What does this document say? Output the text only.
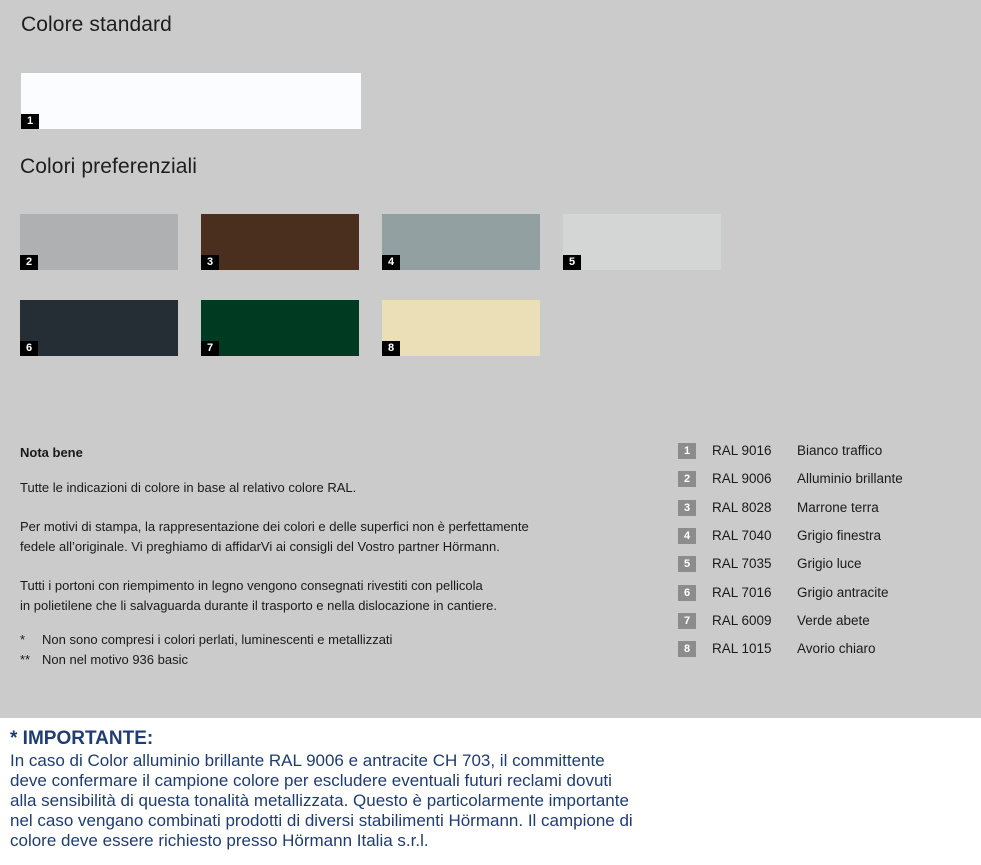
Colore standard
1
Colori preferenziali
2	3	4	5
6	7	8
Nota bene
Tutte le indicazioni di colore in base al relativo colore RAL.
Per motivi di stampa, la rappresentazione dei colori e delle superfici non è perfettamente
fedele all’originale. Vi preghiamo di affidarVi ai consigli del Vostro partner Hörmann.
Tutti i portoni con riempimento in legno vengono consegnati rivestiti con pellicola
in polietilene che li salvaguarda durante il trasporto e nella dislocazione in cantiere.
* Non sono compresi i colori perlati, luminescenti e metallizzati
** Non nel motivo 936 basic
1	RAL 9016 Bianco traffico
2	RAL 9006 Alluminio brillante
3	RAL 8028 Marrone terra
4	RAL 7040 Grigio finestra
5	RAL 7035 Grigio luce
6	RAL 7016 Grigio antracite
7	RAL 6009 Verde abete
8	RAL 1015 Avorio chiaro
* IMPORTANTE:
In caso di Color alluminio brillante RAL 9006 e antracite CH 703, il committente
deve confermare il campione colore per escludere eventuali futuri reclami dovuti
alla sensibilità di questa tonalità metallizzata. Questo è particolarmente importante
nel caso vengano combinati prodotti di diversi stabilimenti Hörmann. Il campione di
colore deve essere richiesto presso Hörmann Italia s.r.l.
